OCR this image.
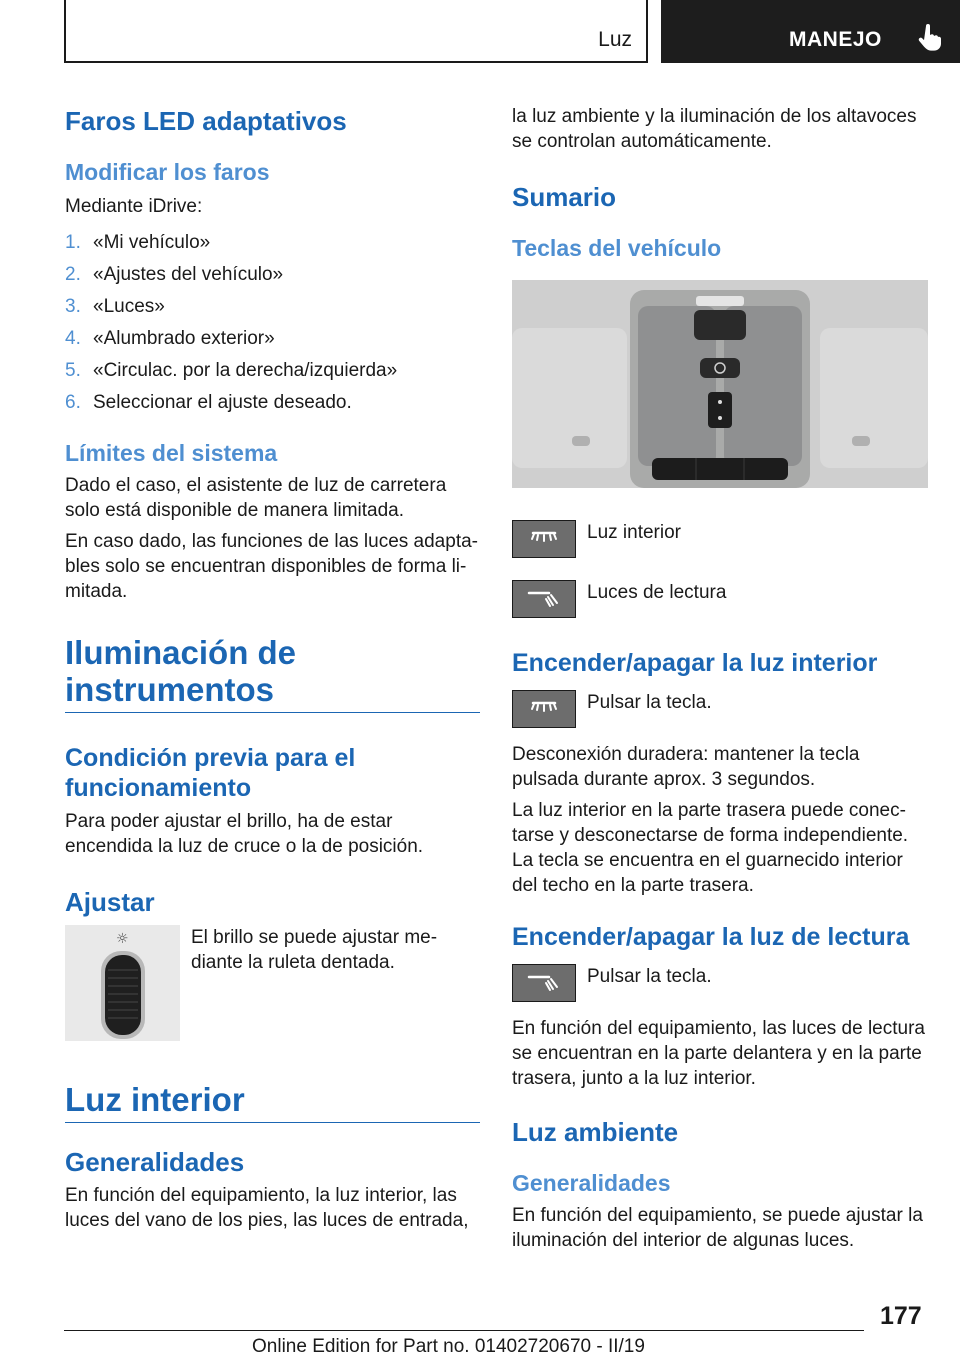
Luz	MANEJO
Faros LED adaptativos
Modificar los faros

Mediante iDrive:

1. «Mi vehículo»
2. «Ajustes del vehículo»
3. «Luces»
4. «Alumbrado exterior»
5. «Circulac. por la derecha/izquierda»
6. Seleccionar el ajuste deseado.
Límites del sistema

Dado el caso, el asistente de luz de carretera solo está disponible de manera limitada.

En caso dado, las funciones de las luces adapta‐bles solo se encuentran disponibles de forma li‐mitada.

Iluminación de
instrumentos
Condición previa para el funcionamiento

Para poder ajustar el brillo, ha de estar encendida la luz de cruce o la de posición.

Ajustar
☼	El brillo se puede ajustar me‐diante la ruleta dentada.

Luz interior
Generalidades

En función del equipamiento, la luz interior, las luces del vano de los pies, las luces de entrada,

la luz ambiente y la iluminación de los altavoces se controlan automáticamente.

Sumario
Teclas del vehículo

Luz interior

Luces de lectura

Encender/apagar la luz interior

Pulsar la tecla.

Desconexión duradera: mantener la tecla pulsada durante aprox. 3 segundos.

La luz interior en la parte trasera puede conec‐tarse y desconectarse de forma independiente. La tecla se encuentra en el guarnecido interior del techo en la parte trasera.

Encender/apagar la luz de lectura

Pulsar la tecla.

En función del equipamiento, las luces de lectura se encuentran en la parte delantera y en la parte trasera, junto a la luz interior.

Luz ambiente
Generalidades

En función del equipamiento, se puede ajustar la iluminación del interior de algunas luces.

177
Online Edition for Part no. 01402720670 - II/19
